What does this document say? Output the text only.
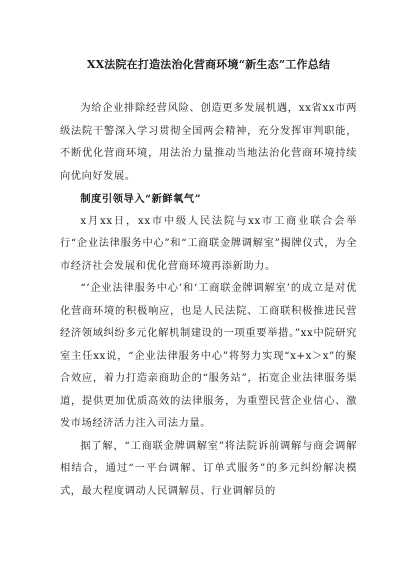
XX法院在打造法治化营商环境“新生态”工作总结

为给企业排除经营风险、创造更多发展机遇，xx省xx市两级法院干警深入学习贯彻全国两会精神，充分发挥审判职能，不断优化营商环境，用法治力量推动当地法治化营商环境持续向优向好发展。

制度引领导入“新鲜氧气”

x月xx日，xx市中级人民法院与xx市工商业联合会举行“企业法律服务中心”和“工商联金牌调解室”揭牌仪式，为全市经济社会发展和优化营商环境再添新助力。

“‘企业法律服务中心’和‘工商联金牌调解室’的成立是对优化营商环境的积极响应，也是人民法院、工商联积极推进民营经济领域纠纷多元化解机制建设的一项重要举措。”xx中院研究室主任xx说，“企业法律服务中心”将努力实现“x+x＞x”的聚合效应，着力打造亲商助企的“服务站”，拓宽企业法律服务渠道，提供更加优质高效的法律服务，为重塑民营企业信心、激发市场经济活力注入司法力量。

据了解，“工商联金牌调解室”将法院诉前调解与商会调解相结合，通过“一平台调解、订单式服务”的多元纠纷解决模式，最大程度调动人民调解员、行业调解员的
